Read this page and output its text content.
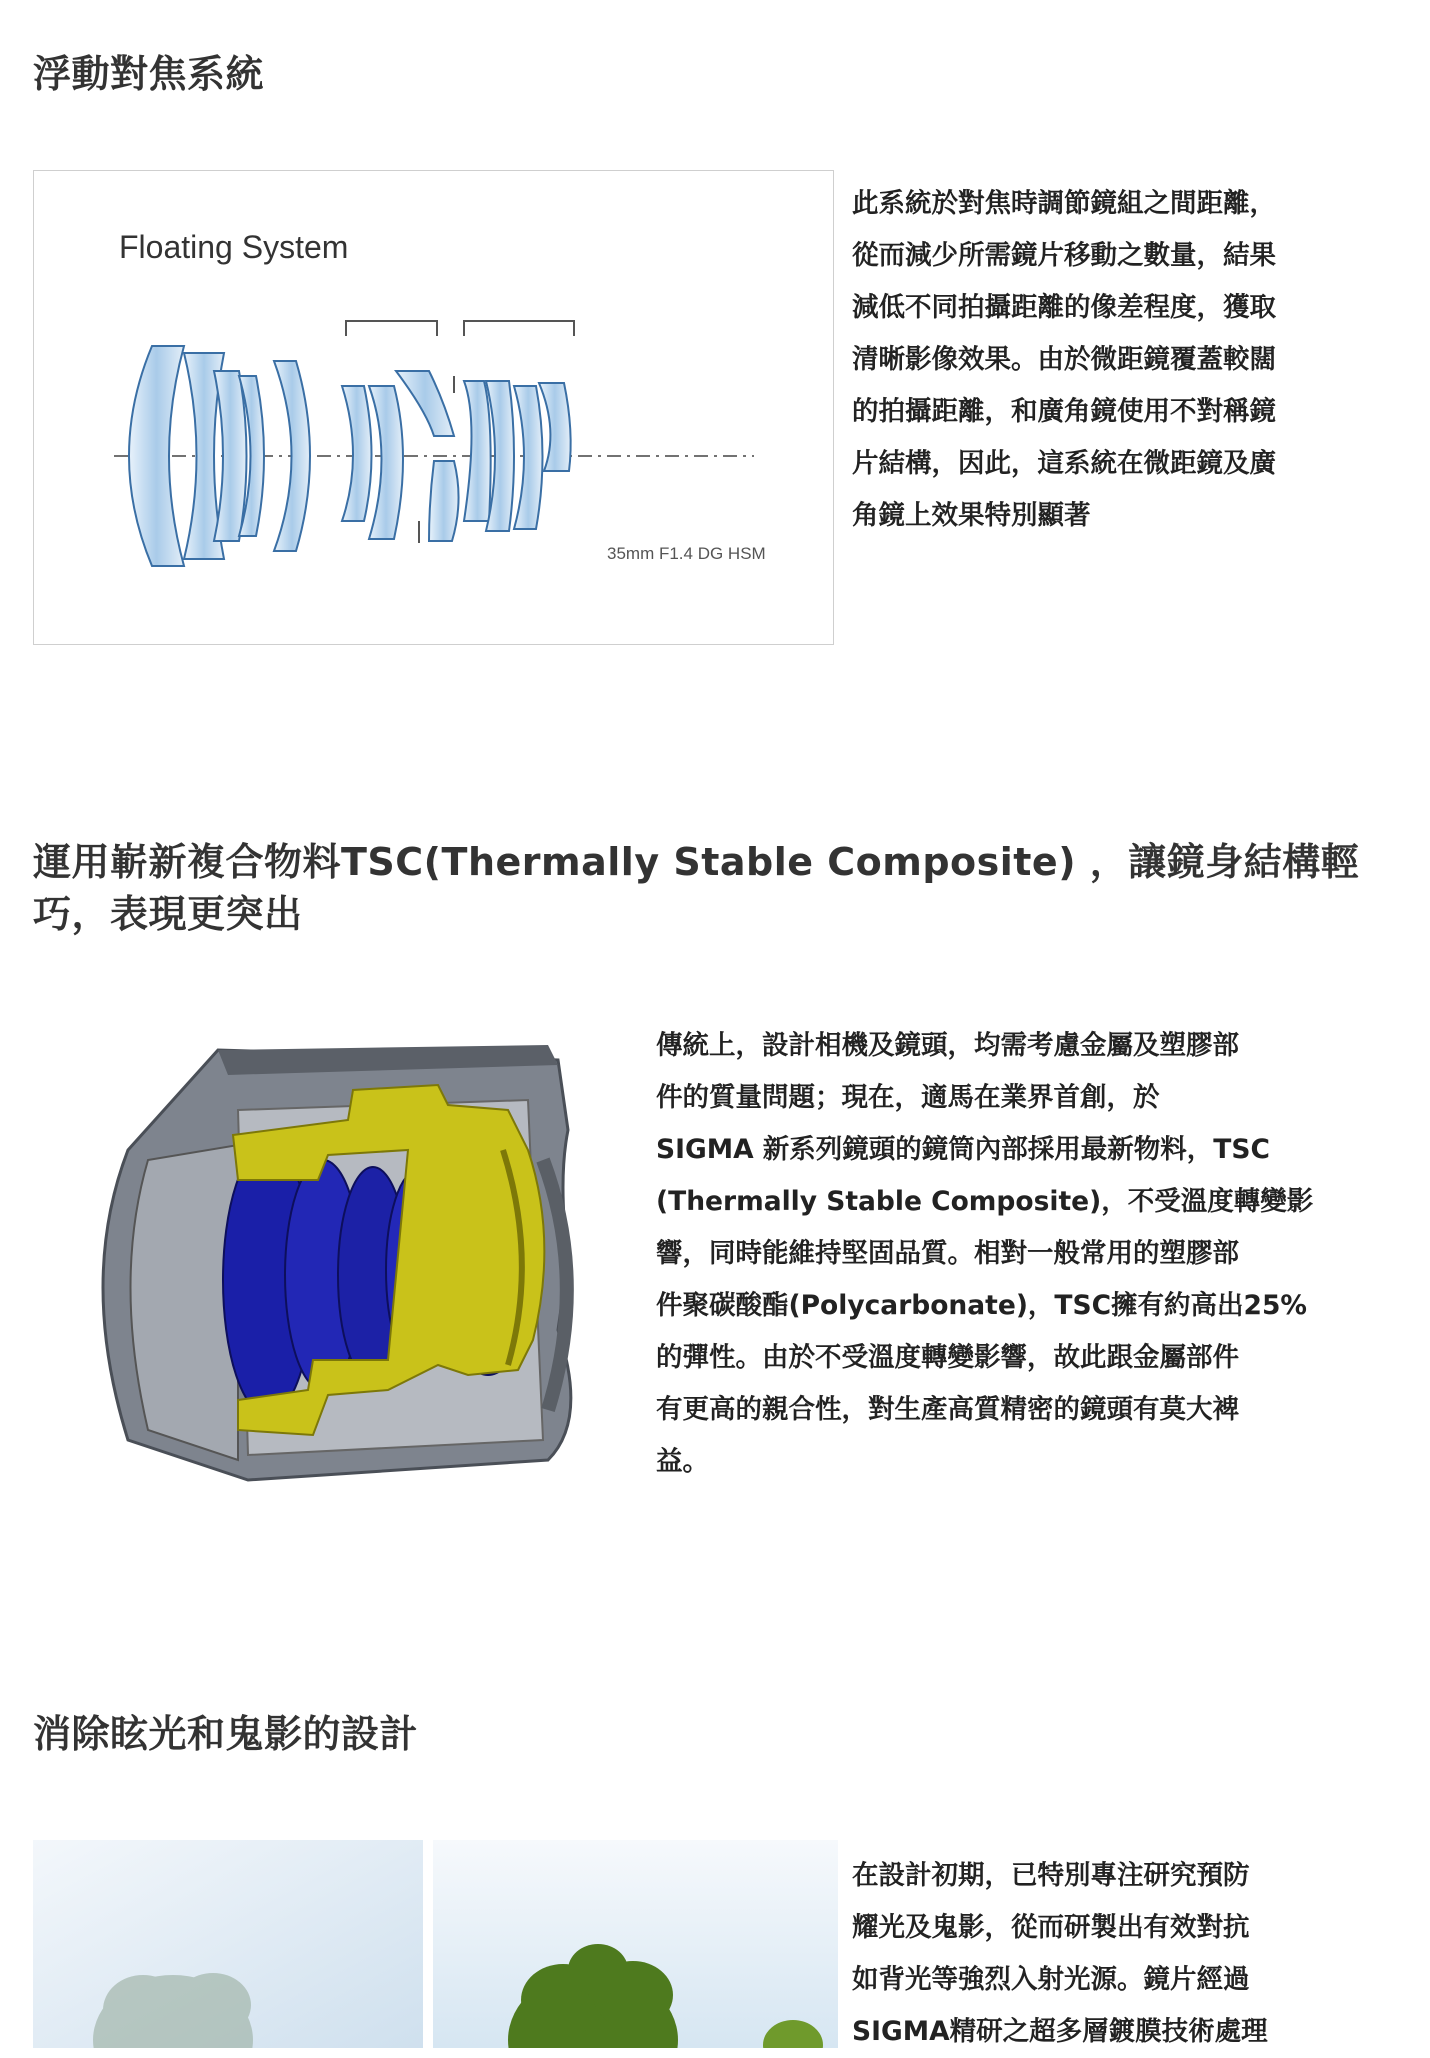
浮動對焦系統
Floating System
35mm F1.4 DG HSM
此系統於對焦時調節鏡組之間距離，
從而減少所需鏡片移動之數量，結果
減低不同拍攝距離的像差程度，獲取
清晰影像效果。由於微距鏡覆蓋較闊
的拍攝距離，和廣角鏡使用不對稱鏡
片結構，因此，這系統在微距鏡及廣
角鏡上效果特別顯著
運用嶄新複合物料TSC(Thermally Stable Composite) ，讓鏡身結構輕
巧，表現更突出
傳統上，設計相機及鏡頭，均需考慮金屬及塑膠部
件的質量問題；現在，適馬在業界首創，於
SIGMA 新系列鏡頭的鏡筒內部採用最新物料，TSC
(Thermally Stable Composite)，不受溫度轉變影
響，同時能維持堅固品質。相對一般常用的塑膠部
件聚碳酸酯(Polycarbonate)，TSC擁有約高出25%
的彈性。由於不受溫度轉變影響，故此跟金屬部件
有更高的親合性，對生產高質精密的鏡頭有莫大裨
益。
消除眩光和鬼影的設計
在設計初期，已特別專注研究預防
耀光及鬼影，從而研製出有效對抗
如背光等強烈入射光源。鏡片經過
SIGMA精研之超多層鍍膜技術處理
